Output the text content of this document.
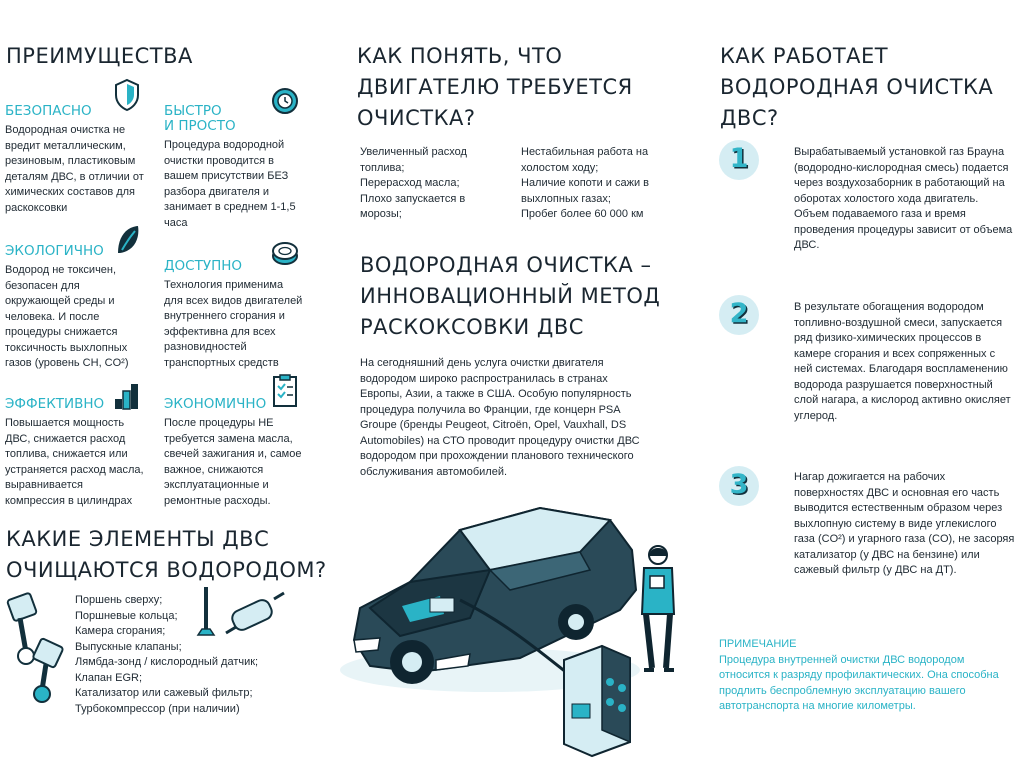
ПРЕИМУЩЕСТВА

БЕЗОПАСНО

Водородная очистка не вредит металлическим, резиновым, пластиковым деталям ДВС, в отличии от химических составов для раскоксовки

БЫСТРО
И ПРОСТО

Процедура водородной очистки проводится в вашем присутствии БЕЗ разбора двигателя и занимает в среднем 1-1,5 часа

ЭКОЛОГИЧНО

Водород не токсичен, безопасен для окружающей среды и человека. И после процедуры снижается токсичность выхлопных газов (уровень CH, CO²)

ДОСТУПНО

Технология применима для всех видов двигателей внутреннего сгорания и эффективна для всех разновидностей транспортных средств

ЭФФЕКТИВНО

Повышается мощность ДВС, снижается расход топлива, снижается или устраняется расход масла, выравнивается компрессия в цилиндрах

ЭКОНОМИЧНО

После процедуры НЕ требуется замена масла, свечей зажигания и, самое важное, снижаются эксплуатационные и ремонтные расходы.

КАКИЕ ЭЛЕМЕНТЫ ДВС
ОЧИЩАЮТСЯ ВОДОРОДОМ?
Поршень сверху;
Поршневые кольца;
Камера сгорания;
Выпускные клапаны;
Лямбда-зонд / кислородный датчик;
Клапан EGR;
Катализатор или сажевый фильтр;
Турбокомпрессор (при наличии)
КАК ПОНЯТЬ, ЧТО
ДВИГАТЕЛЮ ТРЕБУЕТСЯ
ОЧИСТКА?
Увеличенный расход топлива;
Перерасход масла;
Плохо запускается в морозы;
Нестабильная работа на холостом ходу;
Наличие копоти и сажи в выхлопных газах;
Пробег более 60 000 км
ВОДОРОДНАЯ ОЧИСТКА –
ИННОВАЦИОННЫЙ МЕТОД
РАСКОКСОВКИ ДВС

На сегодняшний день услуга очистки двигателя водородом широко распространилась в странах Европы, Азии, а также в США. Особую популярность процедура получила во Франции, где концерн PSA Groupe (бренды Peugeot, Citroën, Opel, Vauxhall, DS Automobiles) на СТО проводит процедуру очистки ДВС водородом при прохождении планового технического обслуживания автомобилей.

КАК РАБОТАЕТ
ВОДОРОДНАЯ ОЧИСТКА
ДВС?
1	Вырабатываемый установкой газ Брауна (водородно-кислородная смесь) подается через воздухозаборник в работающий на оборотах холостого хода двигатель. Объем подаваемого газа и время проведения процедуры зависит от объема ДВС.

2	В результате обогащения водородом топливно-воздушной смеси, запускается ряд физико-химических процессов в камере сгорания и всех сопряженных с ней системах. Благодаря воспламенению водорода разрушается поверхностный слой нагара, а кислород активно окисляет углерод.

3	Нагар дожигается на рабочих поверхностях ДВС и основная его часть выводится естественным образом через выхлопную систему в виде углекислого газа (CO²) и угарного газа (CO), не засоряя катализатор (у ДВС на бензине) или сажевый фильтр (у ДВС на ДТ).

ПРИМЕЧАНИЕ

Процедура внутренней очистки ДВС водородом относится к разряду профилактических. Она способна продлить беспроблемную эксплуатацию вашего автотранспорта на многие километры.
